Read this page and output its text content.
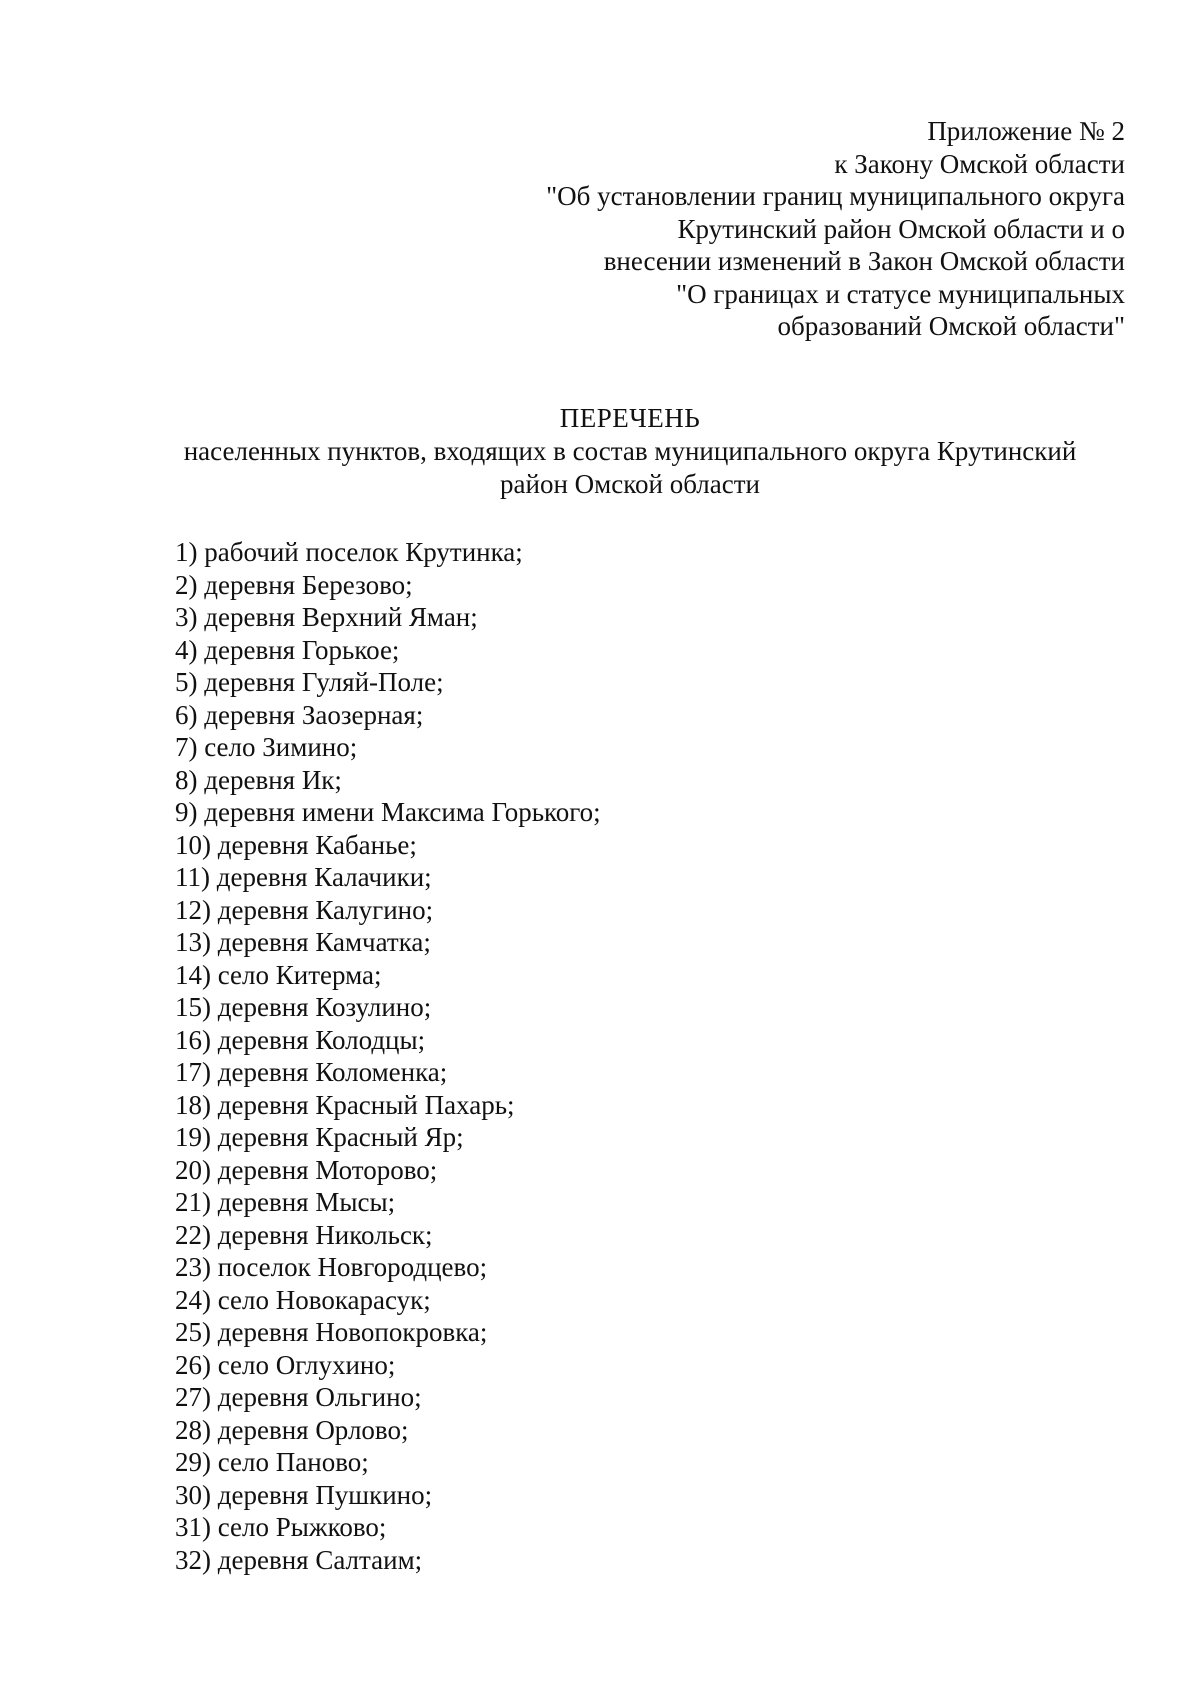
Приложение № 2
к Закону Омской области
"Об установлении границ муниципального округа
Крутинский район Омской области и о
внесении изменений в Закон Омской области
"О границах и статусе муниципальных
образований Омской области"
ПЕРЕЧЕНЬ
населенных пунктов, входящих в состав муниципального округа Крутинский
район Омской области
1) рабочий поселок Крутинка;
2) деревня Березово;
3) деревня Верхний Яман;
4) деревня Горькое;
5) деревня Гуляй-Поле;
6) деревня Заозерная;
7) село Зимино;
8) деревня Ик;
9) деревня имени Максима Горького;
10) деревня Кабанье;
11) деревня Калачики;
12) деревня Калугино;
13) деревня Камчатка;
14) село Китерма;
15) деревня Козулино;
16) деревня Колодцы;
17) деревня Коломенка;
18) деревня Красный Пахарь;
19) деревня Красный Яр;
20) деревня Моторово;
21) деревня Мысы;
22) деревня Никольск;
23) поселок Новгородцево;
24) село Новокарасук;
25) деревня Новопокровка;
26) село Оглухино;
27) деревня Ольгино;
28) деревня Орлово;
29) село Паново;
30) деревня Пушкино;
31) село Рыжково;
32) деревня Салтаим;
